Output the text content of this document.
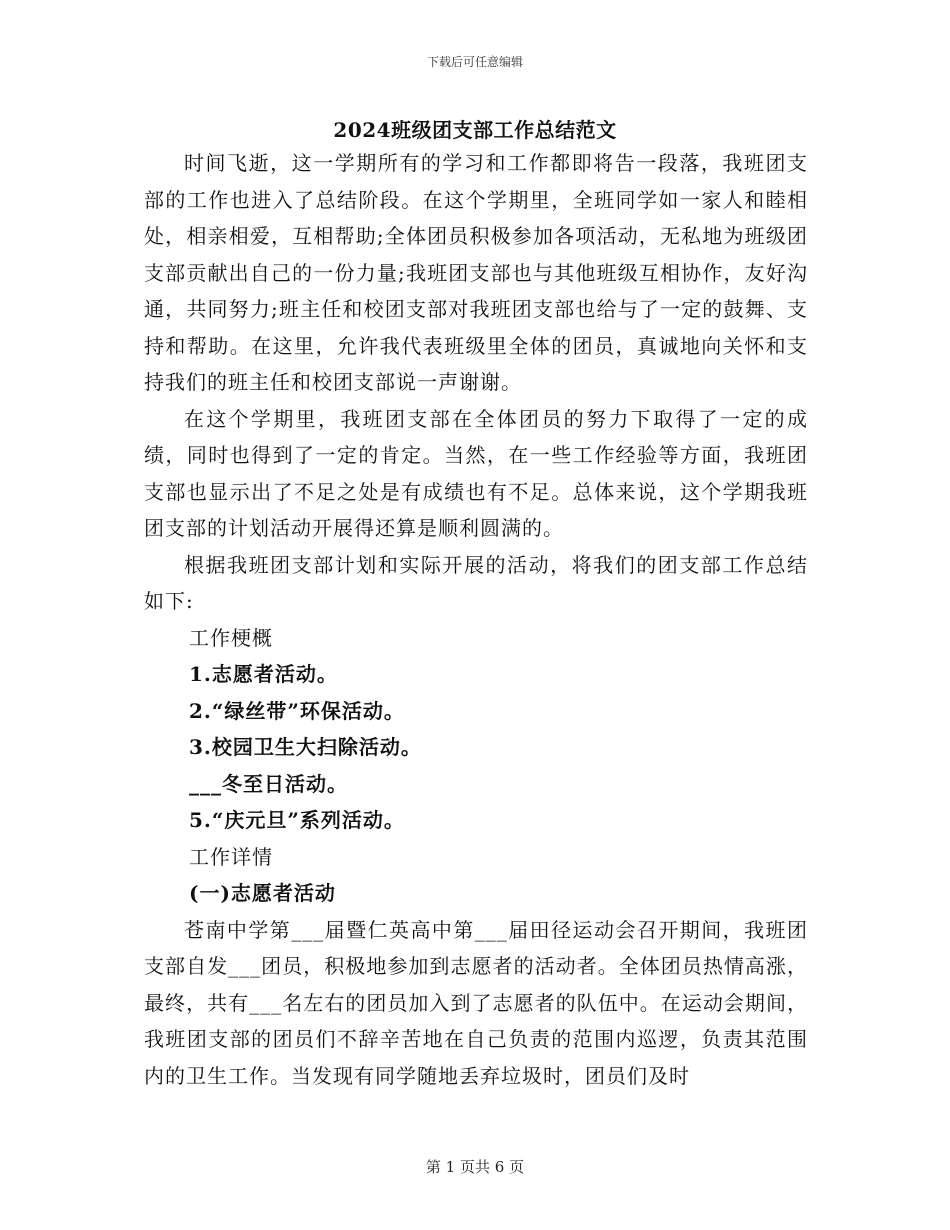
下载后可任意编辑
2024班级团支部工作总结范文

时间飞逝，这一学期所有的学习和工作都即将告一段落，我班团支部的工作也进入了总结阶段。在这个学期里，全班同学如一家人和睦相处，相亲相爱，互相帮助;全体团员积极参加各项活动，无私地为班级团支部贡献出自己的一份力量;我班团支部也与其他班级互相协作，友好沟通，共同努力;班主任和校团支部对我班团支部也给与了一定的鼓舞、支持和帮助。在这里，允许我代表班级里全体的团员，真诚地向关怀和支持我们的班主任和校团支部说一声谢谢。

在这个学期里，我班团支部在全体团员的努力下取得了一定的成绩，同时也得到了一定的肯定。当然，在一些工作经验等方面，我班团支部也显示出了不足之处是有成绩也有不足。总体来说，这个学期我班团支部的计划活动开展得还算是顺利圆满的。

根据我班团支部计划和实际开展的活动，将我们的团支部工作总结如下:

工作梗概
1.志愿者活动。
2.“绿丝带”环保活动。
3.校园卫生大扫除活动。
___冬至日活动。
5.“庆元旦”系列活动。
工作详情
(一)志愿者活动

苍南中学第___届暨仁英高中第___届田径运动会召开期间，我班团支部自发___团员，积极地参加到志愿者的活动者。全体团员热情高涨，最终，共有___名左右的团员加入到了志愿者的队伍中。在运动会期间，我班团支部的团员们不辞辛苦地在自己负责的范围内巡逻，负责其范围内的卫生工作。当发现有同学随地丢弃垃圾时，团员们及时

第 1 页共 6 页
